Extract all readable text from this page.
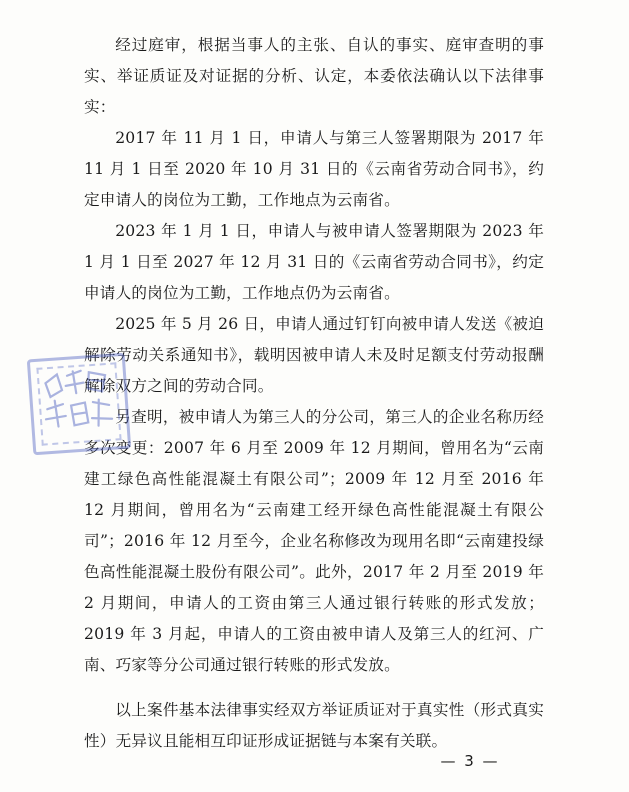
经过庭审，根据当事人的主张、自认的事实、庭审查明的事实、举证质证及对证据的分析、认定，本委依法确认以下法律事实：

2017 年 11 月 1 日，申请人与第三人签署期限为 2017 年 11 月 1 日至 2020 年 10 月 31 日的《云南省劳动合同书》，约定申请人的岗位为工勤，工作地点为云南省。

2023 年 1 月 1 日，申请人与被申请人签署期限为 2023 年 1 月 1 日至 2027 年 12 月 31 日的《云南省劳动合同书》，约定申请人的岗位为工勤，工作地点仍为云南省。

2025 年 5 月 26 日，申请人通过钉钉向被申请人发送《被迫解除劳动关系通知书》，载明因被申请人未及时足额支付劳动报酬解除双方之间的劳动合同。

另查明，被申请人为第三人的分公司，第三人的企业名称历经多次变更：2007 年 6 月至 2009 年 12 月期间，曾用名为“云南建工绿色高性能混凝土有限公司”；2009 年 12 月至 2016 年 12 月期间，曾用名为“云南建工经开绿色高性能混凝土有限公司”；2016 年 12 月至今，企业名称修改为现用名即“云南建投绿色高性能混凝土股份有限公司”。此外，2017 年 2 月至 2019 年 2 月期间，申请人的工资由第三人通过银行转账的形式发放；2019 年 3 月起，申请人的工资由被申请人及第三人的红河、广南、巧家等分公司通过银行转账的形式发放。

以上案件基本法律事实经双方举证质证对于真实性（形式真实性）无异议且能相互印证形成证据链与本案有关联。

— 3 —
